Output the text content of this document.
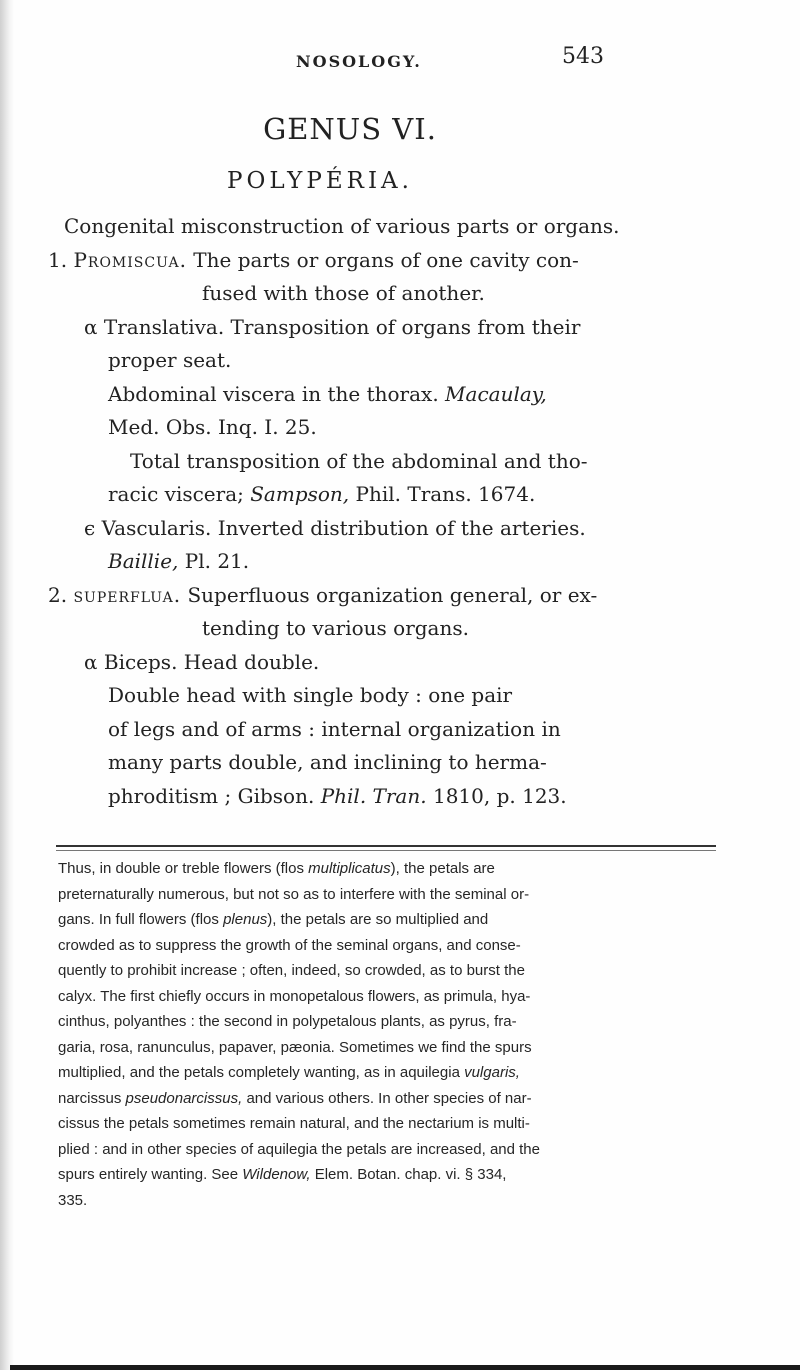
NOSOLOGY.	543
GENUS VI.
POLYPÉRIA.
Congenital misconstruction of various parts or organs.
1. Promiscua. The parts or organs of one cavity con-
fused with those of another.
α Translativa. Transposition of organs from their
proper seat.
Abdominal viscera in the thorax. Macaulay,
Med. Obs. Inq. I. 25.
Total transposition of the abdominal and tho-
racic viscera; Sampson, Phil. Trans. 1674.
ϵ Vascularis. Inverted distribution of the arteries.
Baillie, Pl. 21.
2. superflua. Superfluous organization general, or ex-
tending to various organs.
α Biceps. Head double.
Double head with single body : one pair
of legs and of arms : internal organization in
many parts double, and inclining to herma-
phroditism ; Gibson. Phil. Tran. 1810, p. 123.
Thus, in double or treble flowers (flos multiplicatus), the petals are
preternaturally numerous, but not so as to interfere with the seminal or-
gans. In full flowers (flos plenus), the petals are so multiplied and
crowded as to suppress the growth of the seminal organs, and conse-
quently to prohibit increase ; often, indeed, so crowded, as to burst the
calyx. The first chiefly occurs in monopetalous flowers, as primula, hya-
cinthus, polyanthes : the second in polypetalous plants, as pyrus, fra-
garia, rosa, ranunculus, papaver, pæonia. Sometimes we find the spurs
multiplied, and the petals completely wanting, as in aquilegia vulgaris,
narcissus pseudonarcissus, and various others. In other species of nar-
cissus the petals sometimes remain natural, and the nectarium is multi-
plied : and in other species of aquilegia the petals are increased, and the
spurs entirely wanting. See Wildenow, Elem. Botan. chap. vi. § 334,
335.
